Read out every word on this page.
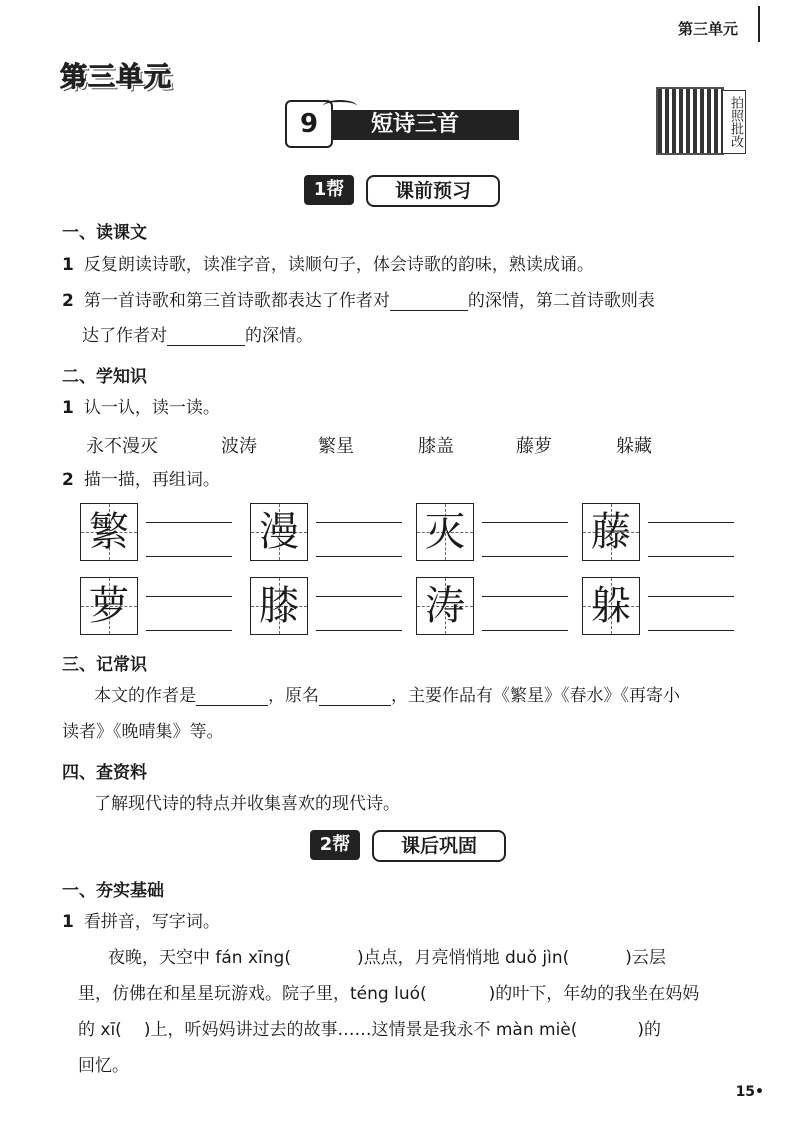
第三单元
第三单元
9	短诗三首	拍照批改
1帮	课前预习
一、读课文
1 反复朗读诗歌，读准字音，读顺句子，体会诗歌的韵味，熟读成诵。
2 第一首诗歌和第三首诗歌都表达了作者对	的深情，第二首诗歌则表
达了作者对	的深情。
二、学知识
1 认一认，读一读。
永不漫灭	波涛	繁星	膝盖	藤萝	躲藏
2 描一描，再组词。
繁	漫	灭	藤
萝	膝	涛	躲
三、记常识
本文的作者是	，原名	，主要作品有《繁星》《春水》《再寄小
读者》《晚晴集》等。
四、查资料
了解现代诗的特点并收集喜欢的现代诗。
2帮	课后巩固
一、夯实基础
1 看拼音，写字词。
夜晚，天空中 fán xīng(	)点点，月亮悄悄地 duǒ jìn(	)云层
里，仿佛在和星星玩游戏。院子里，téng luó(	)的叶下，年幼的我坐在妈妈
的 xī( )上，听妈妈讲过去的故事……这情景是我永不 màn miè(	)的
回忆。
15•
